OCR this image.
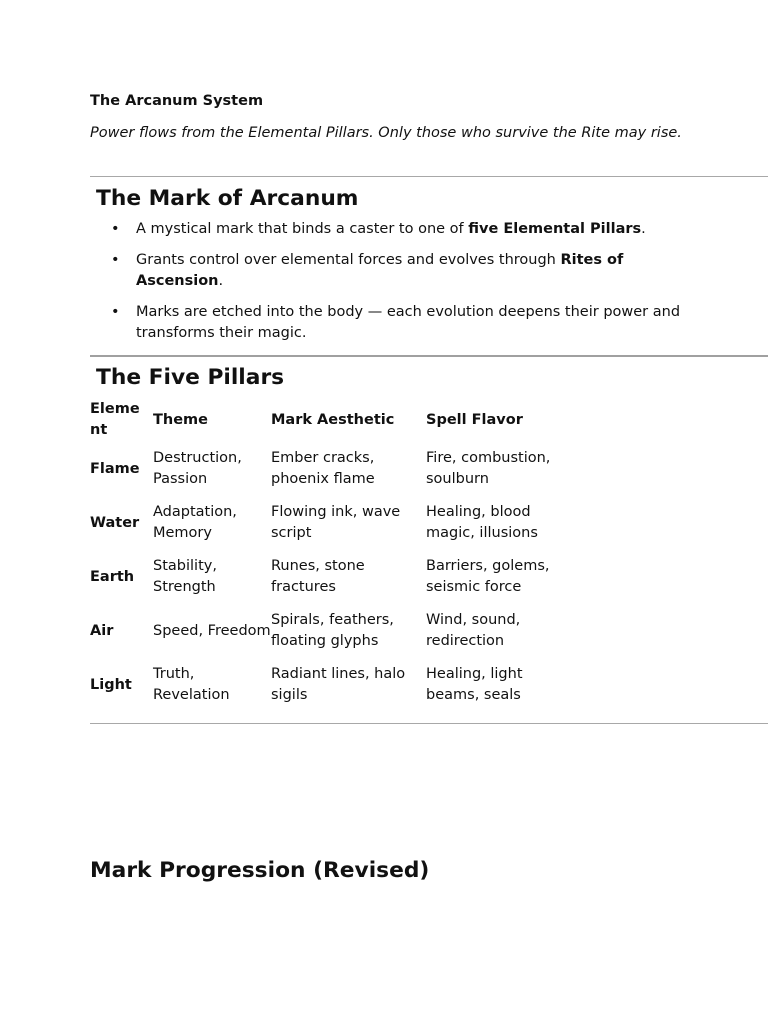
The Arcanum System

Power flows from the Elemental Pillars. Only those who survive the Rite may rise.

The Mark of Arcanum
• A mystical mark that binds a caster to one of five Elemental Pillars.
• Grants control over elemental forces and evolves through Rites of Ascension.
• Marks are etched into the body — each evolution deepens their power and transforms their magic.
The Five Pillars
Element	Theme	Mark Aesthetic	Spell Flavor
Flame	Destruction, Passion	Ember cracks, phoenix flame	Fire, combustion, soulburn
Water	Adaptation, Memory	Flowing ink, wave script	Healing, blood magic, illusions
Earth	Stability, Strength	Runes, stone fractures	Barriers, golems, seismic force
Air	Speed, Freedom	Spirals, feathers, floating glyphs	Wind, sound, redirection
Light	Truth, Revelation	Radiant lines, halo sigils	Healing, light beams, seals
Mark Progression (Revised)
